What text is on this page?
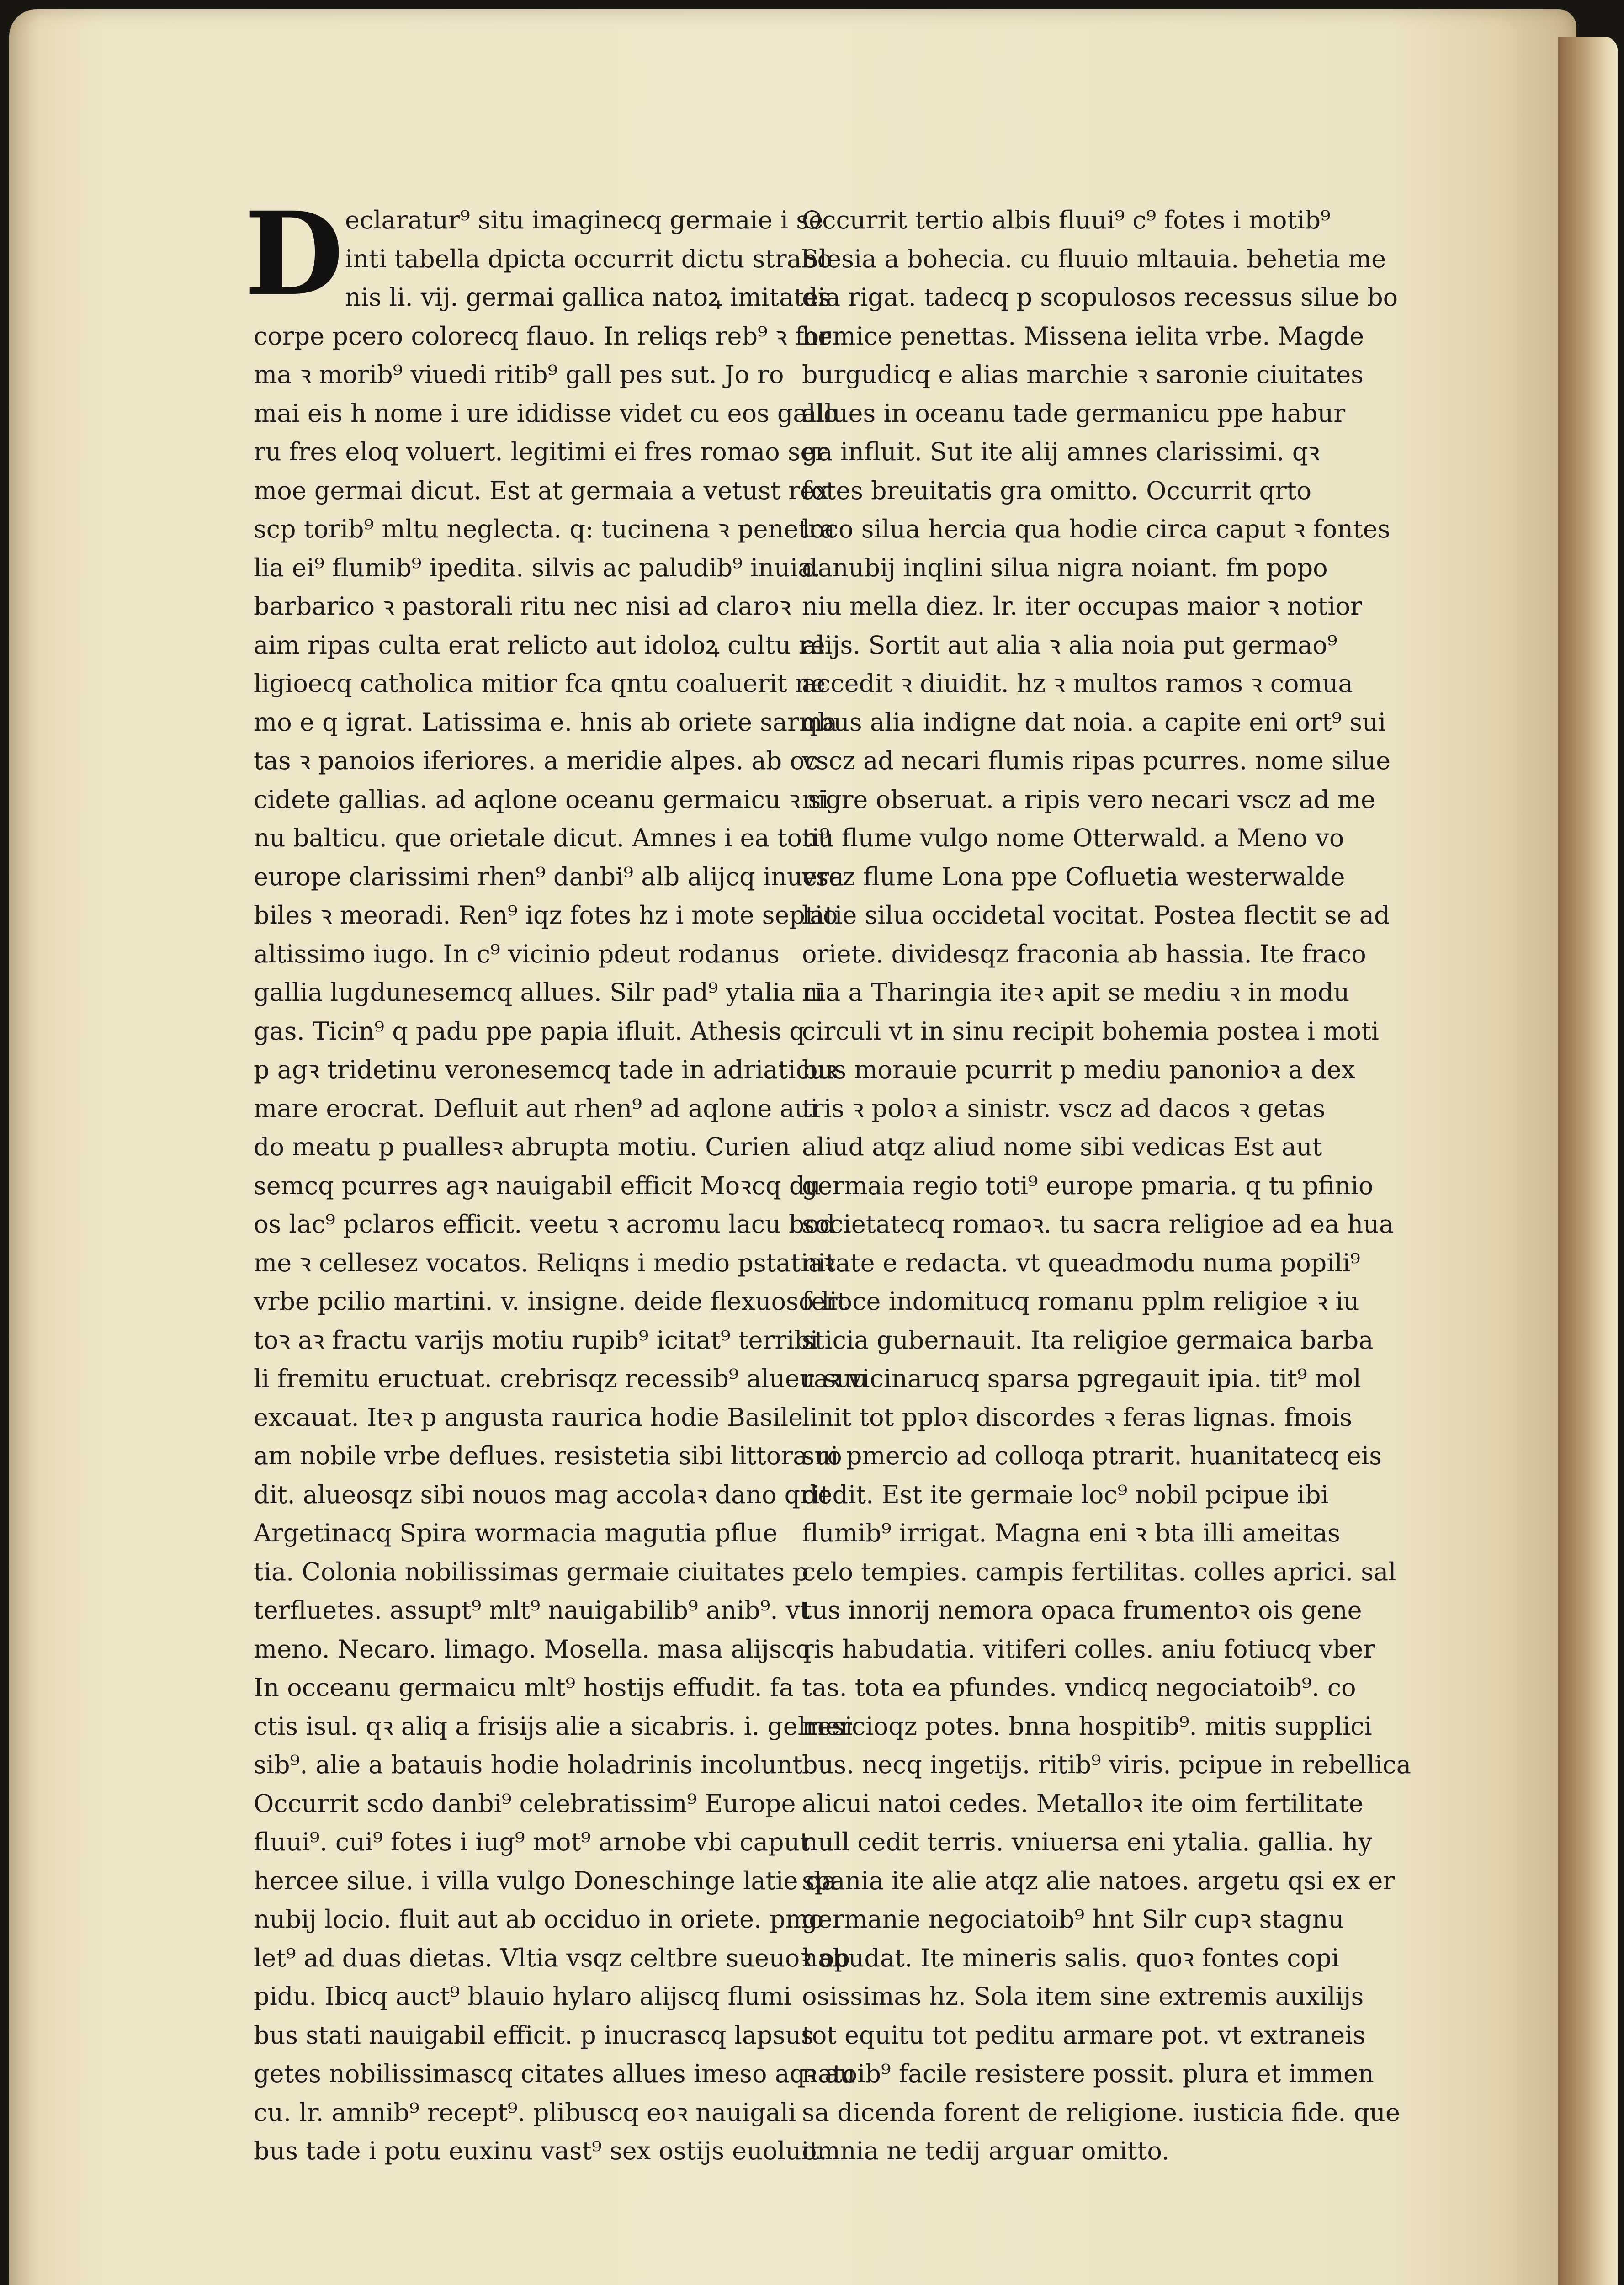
D eclaratur⁹ situ imaginecq germaie i se
inti tabella dpicta occurrit dictu strabo
nis li. vij. germai gallica natoꝝ imitates
corpe pcero colorecq flauo. In reliqs reb⁹ ꝛ for
ma ꝛ morib⁹ viuedi ritib⁹ gall pes sut. Jo ro
mai eis h nome i ure ididisse videt cu eos gallo
ru fres eloq voluert. legitimi ei fres romao ser
moe germai dicut. Est at germaia a vetust rex
scp torib⁹ mltu neglecta. q: tucinena ꝛ penetra
lia ei⁹ flumib⁹ ipedita. silvis ac paludib⁹ inuia.
barbarico ꝛ pastorali ritu nec nisi ad claroꝛ
aim ripas culta erat relicto aut idoloꝝ cultu re
ligioecq catholica mitior fca qntu coaluerit ne
mo e q igrat. Latissima e. hnis ab oriete sarma
tas ꝛ panoios iferiores. a meridie alpes. ab oc
cidete gallias. ad aqlone oceanu germaicu ꝛ si
nu balticu. que orietale dicut. Amnes i ea toti⁹
europe clarissimi rhen⁹ danbi⁹ alb alijcq inuera
biles ꝛ meoradi. Ren⁹ iqz fotes hz i mote septio
altissimo iugo. In c⁹ vicinio pdeut rodanus
gallia lugdunesemcq allues. Silr pad⁹ ytalia ri
gas. Ticin⁹ q padu ppe papia ifluit. Athesis q
p agꝛ tridetinu veronesemcq tade in adriaticuꝛ
mare erocrat. Defluit aut rhen⁹ ad aqlone aui
do meatu p puallesꝛ abrupta motiu. Curien
semcq pcurres agꝛ nauigabil efficit Moꝛcq du
os lac⁹ pclaros efficit. veetu ꝛ acromu lacu bod
me ꝛ cellesez vocatos. Reliqns i medio pstatiaꝛ
vrbe pcilio martini. v. insigne. deide flexuoso lit
toꝛ aꝛ fractu varijs motiu rupib⁹ icitat⁹ terribi
li fremitu eructuat. crebrisqz recessib⁹ alueu suu
excauat. Iteꝛ p angusta raurica hodie Basile
am nobile vrbe deflues. resistetia sibi littora ro
dit. alueosqz sibi nouos mag accolaꝛ dano qrit
Argetinacq Spira wormacia magutia pflue
tia. Colonia nobilissimas germaie ciuitates p
terfluetes. assupt⁹ mlt⁹ nauigabilib⁹ anib⁹. vt
meno. Necaro. limago. Mosella. masa alijscq
In occeanu germaicu mlt⁹ hostijs effudit. fa
ctis isul. qꝛ aliq a frisijs alie a sicabris. i. gelresi
sib⁹. alie a batauis hodie holadrinis incolunt.
Occurrit scdo danbi⁹ celebratissim⁹ Europe
fluui⁹. cui⁹ fotes i iug⁹ mot⁹ arnobe vbi caput
hercee silue. i villa vulgo Doneschinge latie da
nubij locio. fluit aut ab occiduo in oriete. pmo
let⁹ ad duas dietas. Vltia vsqz celtbre sueuoꝛ op
pidu. Ibicq auct⁹ blauio hylaro alijscq flumi
bus stati nauigabil efficit. p inucrascq lapsus
getes nobilissimascq citates allues imeso aqꝛ au
cu. lr. amnib⁹ recept⁹. plibuscq eoꝛ nauigali
bus tade i potu euxinu vast⁹ sex ostijs euoluit.
Occurrit tertio albis fluui⁹ c⁹ fotes i motib⁹
Slesia a bohecia. cu fluuio mltauia. behetia me
dia rigat. tadecq p scopulosos recessus silue bo
hemice penettas. Missena ielita vrbe. Magde
burgudicq e alias marchie ꝛ saronie ciuitates
allues in oceanu tade germanicu ppe habur
ga influit. Sut ite alij amnes clarissimi. qꝛ
fotes breuitatis gra omitto. Occurrit qrto
loco silua hercia qua hodie circa caput ꝛ fontes
danubij inqlini silua nigra noiant. fm popo
niu mella diez. lr. iter occupas maior ꝛ notior
alijs. Sortit aut alia ꝛ alia noia put germao⁹
accedit ꝛ diuidit. hz ꝛ multos ramos ꝛ comua
qbus alia indigne dat noia. a capite eni ort⁹ sui
vscz ad necari flumis ripas pcurres. nome silue
nigre obseruat. a ripis vero necari vscz ad me
nu flume vulgo nome Otterwald. a Meno vo
vscz flume Lona ppe Cofluetia westerwalde
latie silua occidetal vocitat. Postea flectit se ad
oriete. dividesqz fraconia ab hassia. Ite fraco
nia a Tharingia iteꝛ apit se mediu ꝛ in modu
circuli vt in sinu recipit bohemia postea i moti
bus morauie pcurrit p mediu panonioꝛ a dex
tris ꝛ poloꝛ a sinistr. vscz ad dacos ꝛ getas
aliud atqz aliud nome sibi vedicas Est aut
germaia regio toti⁹ europe pmaria. q tu pfinio
societatecq romaoꝛ. tu sacra religioe ad ea hua
nitate e redacta. vt queadmodu numa popili⁹
feroce indomitucq romanu pplm religioe ꝛ iu
sticia gubernauit. Ita religioe germaica barba
raꝛ vicinarucq sparsa pgregauit ipia. tit⁹ mol
linit tot pploꝛ discordes ꝛ feras lignas. fmois
sui pmercio ad colloqa ptrarit. huanitatecq eis
dedit. Est ite germaie loc⁹ nobil pcipue ibi
flumib⁹ irrigat. Magna eni ꝛ bta illi ameitas
celo tempies. campis fertilitas. colles aprici. sal
tus innorij nemora opaca frumentoꝛ ois gene
ris habudatia. vitiferi colles. aniu fotiucq vber
tas. tota ea pfundes. vndicq negociatoib⁹. co
mercioqz potes. bnna hospitib⁹. mitis supplici
bus. necq ingetijs. ritib⁹ viris. pcipue in rebellica
alicui natoi cedes. Metalloꝛ ite oim fertilitate
null cedit terris. vniuersa eni ytalia. gallia. hy
spania ite alie atqz alie natoes. argetu qsi ex er
germanie negociatoib⁹ hnt Silr cupꝛ stagnu
habudat. Ite mineris salis. quoꝛ fontes copi
osissimas hz. Sola item sine extremis auxilijs
tot equitu tot peditu armare pot. vt extraneis
natoib⁹ facile resistere possit. plura et immen
sa dicenda forent de religione. iusticia fide. que
omnia ne tedij arguar omitto.
